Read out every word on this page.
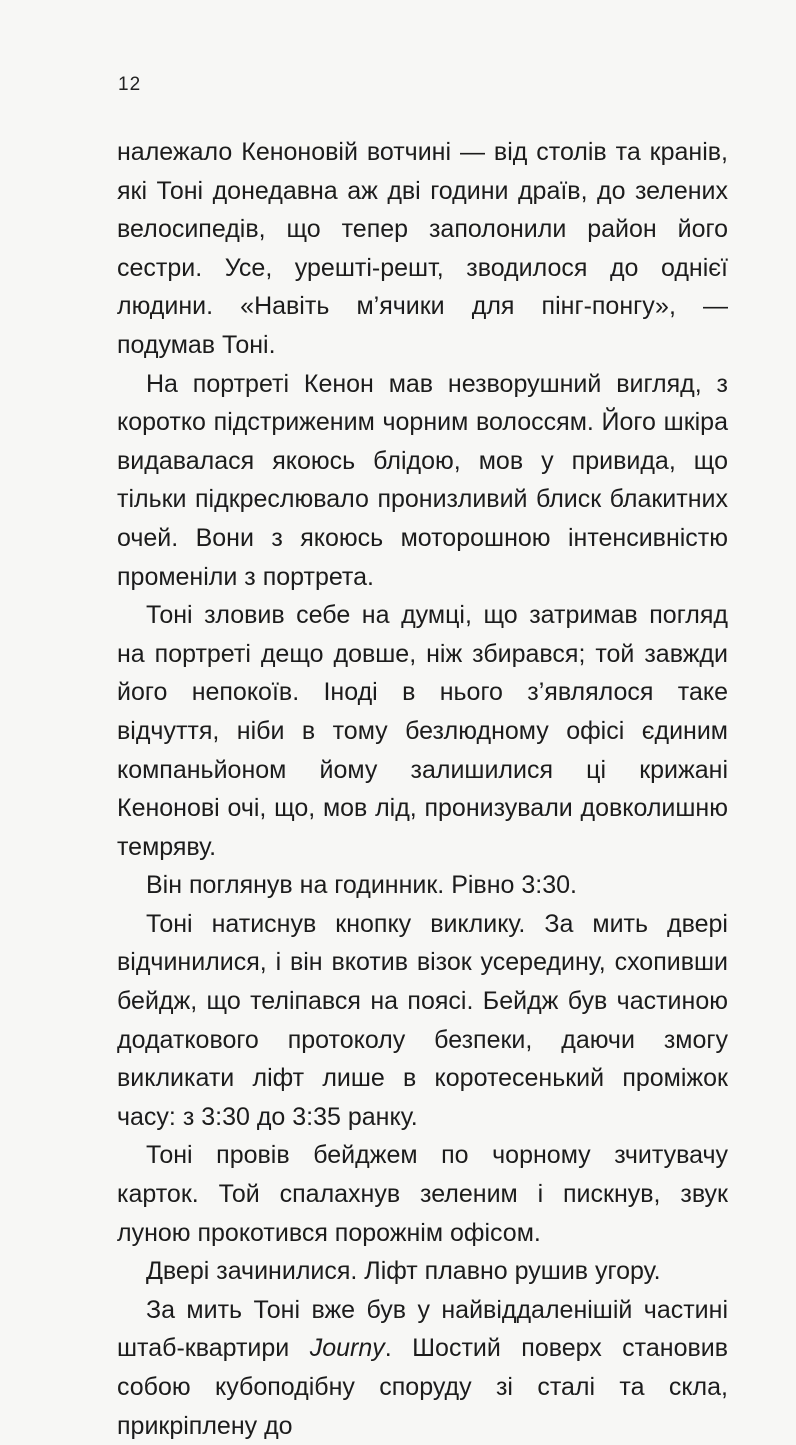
12

належало Кеноновій вотчині — від столів та кранів, які Тоні донедавна аж дві години драїв, до зелених велосипедів, що тепер заполонили район його сестри. Усе, урешті-решт, зводилося до однієї людини. «Навіть м’ячики для пінг-понгу», — подумав Тоні.

На портреті Кенон мав незворушний вигляд, з коротко підстриженим чорним волоссям. Його шкіра видавалася якоюсь блідою, мов у привида, що тільки підкреслювало пронизливий блиск блакитних очей. Вони з якоюсь моторошною інтенсивністю променіли з портрета.

Тоні зловив себе на думці, що затримав погляд на портреті дещо довше, ніж збирався; той завжди його непокоїв. Іноді в нього з’являлося таке відчуття, ніби в тому безлюдному офісі єдиним компаньйоном йому залишилися ці крижані Кенонові очі, що, мов лід, пронизували довколишню темряву.

Він поглянув на годинник. Рівно 3:30.

Тоні натиснув кнопку виклику. За мить двері відчинилися, і він вкотив візок усередину, схопивши бейдж, що теліпався на поясі. Бейдж був частиною додаткового протоколу безпеки, даючи змогу викликати ліфт лише в коротесенький проміжок часу: з 3:30 до 3:35 ранку.

Тоні провів бейджем по чорному зчитувачу карток. Той спалахнув зеленим і пискнув, звук луною прокотився порожнім офісом.

Двері зачинилися. Ліфт плавно рушив угору.

За мить Тоні вже був у найвіддаленішій частині штаб-квартири Journy. Шостий поверх становив собою кубоподібну споруду зі сталі та скла, прикріплену до
